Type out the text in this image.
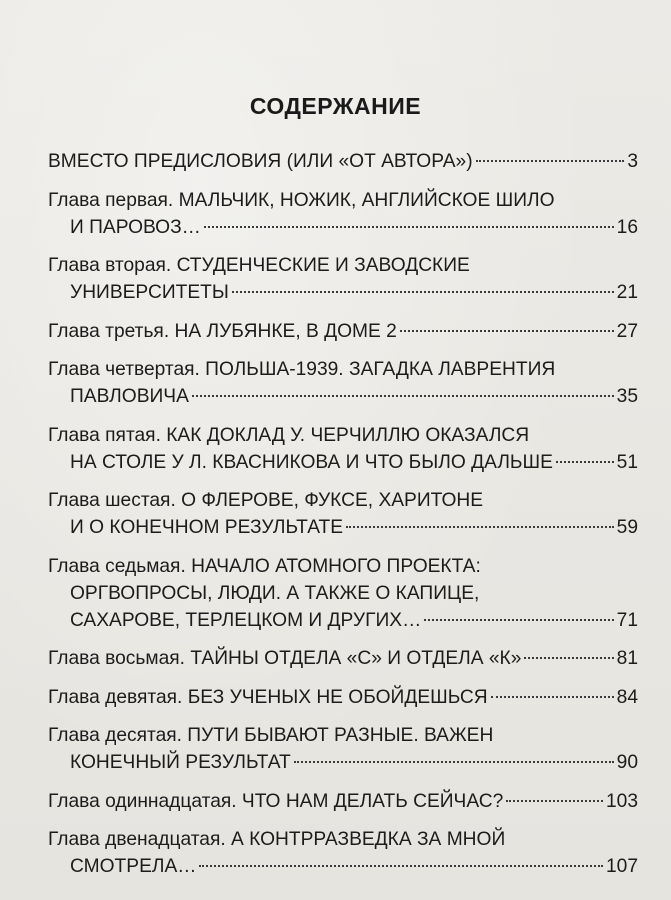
СОДЕРЖАНИЕ
ВМЕСТО ПРЕДИСЛОВИЯ (ИЛИ «ОТ АВТОРА»)	3
Глава первая. МАЛЬЧИК, НОЖИК, АНГЛИЙСКОЕ ШИЛО
И ПАРОВОЗ…	16
Глава вторая. СТУДЕНЧЕСКИЕ И ЗАВОДСКИЕ
УНИВЕРСИТЕТЫ	21
Глава третья. НА ЛУБЯНКЕ, В ДОМЕ 2	27
Глава четвертая. ПОЛЬША-1939. ЗАГАДКА ЛАВРЕНТИЯ
ПАВЛОВИЧА	35
Глава пятая. КАК ДОКЛАД У. ЧЕРЧИЛЛЮ ОКАЗАЛСЯ
НА СТОЛЕ У Л. КВАСНИКОВА И ЧТО БЫЛО ДАЛЬШЕ	51
Глава шестая. О ФЛЕРОВЕ, ФУКСЕ, ХАРИТОНЕ
И О КОНЕЧНОМ РЕЗУЛЬТАТЕ	59
Глава седьмая. НАЧАЛО АТОМНОГО ПРОЕКТА:
ОРГВОПРОСЫ, ЛЮДИ. А ТАКЖЕ О КАПИЦЕ,
САХАРОВЕ, ТЕРЛЕЦКОМ И ДРУГИХ…	71
Глава восьмая. ТАЙНЫ ОТДЕЛА «С» И ОТДЕЛА «К»	81
Глава девятая. БЕЗ УЧЕНЫХ НЕ ОБОЙДЕШЬСЯ	84
Глава десятая. ПУТИ БЫВАЮТ РАЗНЫЕ. ВАЖЕН
КОНЕЧНЫЙ РЕЗУЛЬТАТ	90
Глава одиннадцатая. ЧТО НАМ ДЕЛАТЬ СЕЙЧАС?	103
Глава двенадцатая. А КОНТРРАЗВЕДКА ЗА МНОЙ
СМОТРЕЛА…	107
